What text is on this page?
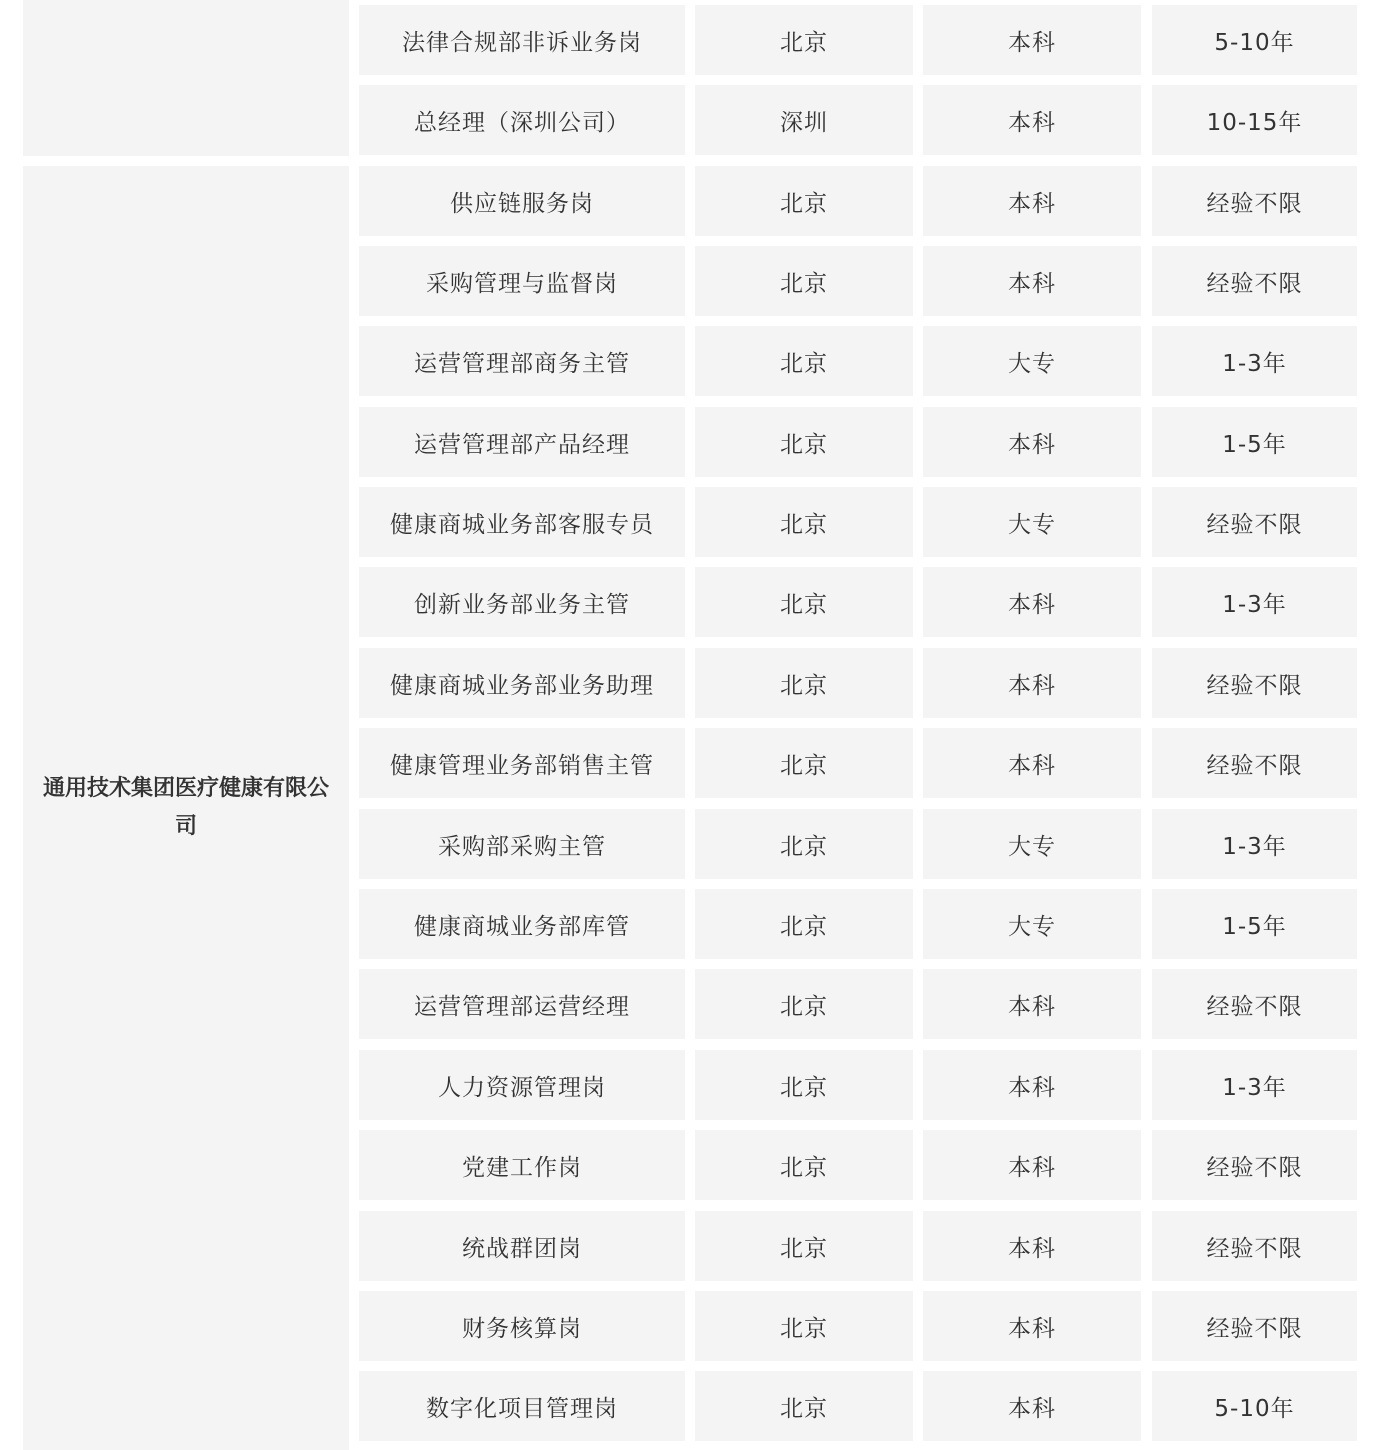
通用技术集团医疗健康有限公司
法律合规部非诉业务岗	北京	本科	5-10年
总经理（深圳公司）	深圳	本科	10-15年
供应链服务岗	北京	本科	经验不限
采购管理与监督岗	北京	本科	经验不限
运营管理部商务主管	北京	大专	1-3年
运营管理部产品经理	北京	本科	1-5年
健康商城业务部客服专员	北京	大专	经验不限
创新业务部业务主管	北京	本科	1-3年
健康商城业务部业务助理	北京	本科	经验不限
健康管理业务部销售主管	北京	本科	经验不限
采购部采购主管	北京	大专	1-3年
健康商城业务部库管	北京	大专	1-5年
运营管理部运营经理	北京	本科	经验不限
人力资源管理岗	北京	本科	1-3年
党建工作岗	北京	本科	经验不限
统战群团岗	北京	本科	经验不限
财务核算岗	北京	本科	经验不限
数字化项目管理岗	北京	本科	5-10年
